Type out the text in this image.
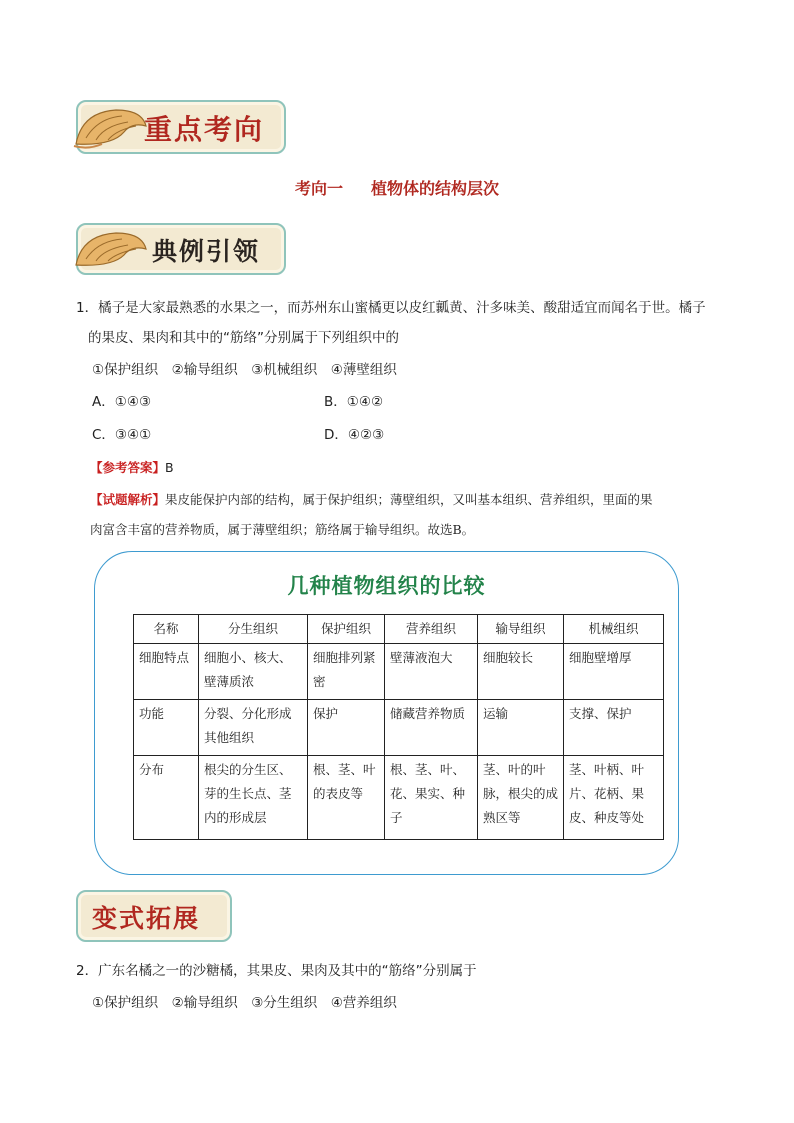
重点考向
考向一 植物体的结构层次
典例引领
1．橘子是大家最熟悉的水果之一，而苏州东山蜜橘更以皮红瓤黄、汁多味美、酸甜适宜而闻名于世。橘子
的果皮、果肉和其中的“筋络”分别属于下列组织中的
①保护组织　②输导组织　③机械组织　④薄壁组织
A．①④③	B．①④②
C．③④①	D．④②③
【参考答案】B
【试题解析】果皮能保护内部的结构，属于保护组织；薄壁组织，又叫基本组织、营养组织，里面的果
肉富含丰富的营养物质，属于薄壁组织；筋络属于输导组织。故选B。
几种植物组织的比较
名称	分生组织	保护组织	营养组织	输导组织	机械组织
细胞特点	细胞小、核大、壁薄质浓	细胞排列紧密	壁薄液泡大	细胞较长	细胞壁增厚
功能	分裂、分化形成其他组织	保护	储藏营养物质	运输	支撑、保护
分布	根尖的分生区、芽的生长点、茎内的形成层	根、茎、叶的表皮等	根、茎、叶、花、果实、种子	茎、叶的叶脉，根尖的成熟区等	茎、叶柄、叶片、花柄、果皮、种皮等处
变式拓展
2．广东名橘之一的沙糖橘，其果皮、果肉及其中的“筋络”分别属于
①保护组织　②输导组织　③分生组织　④营养组织
